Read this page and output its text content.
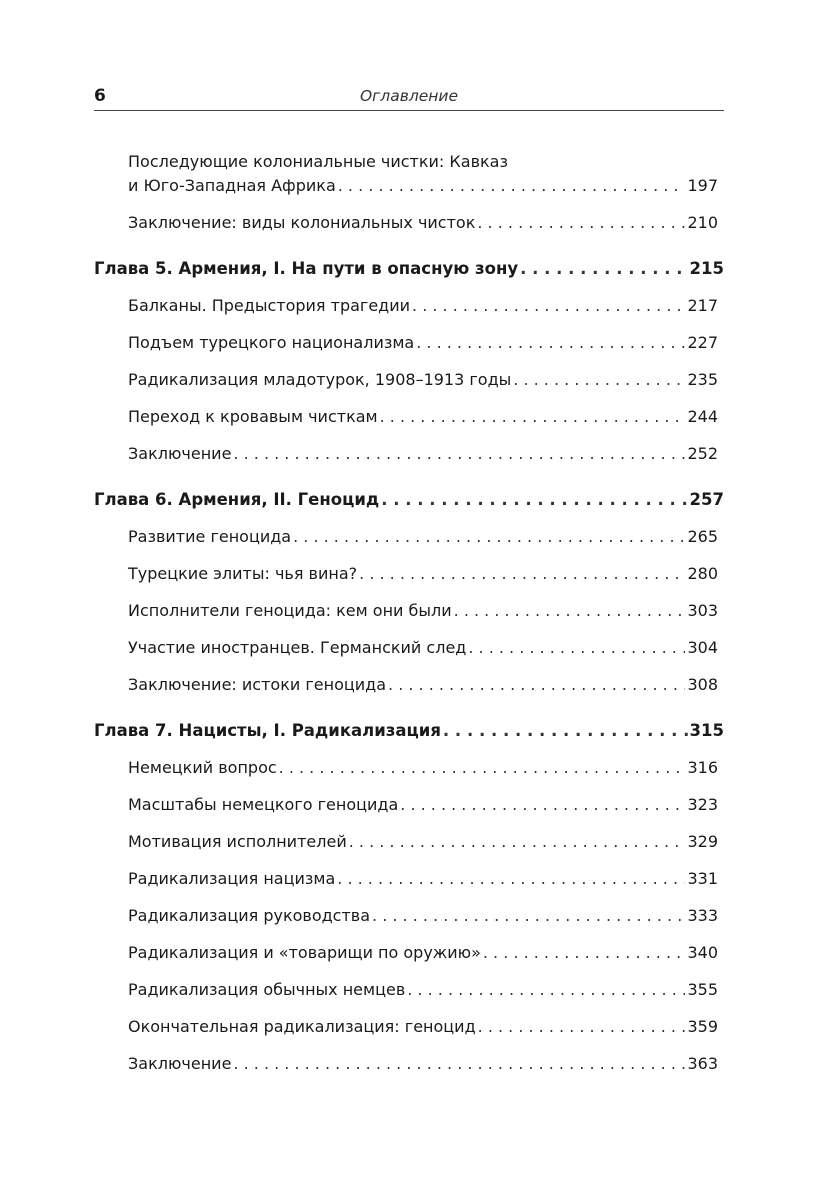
6	Оглавление
Последующие колониальные чистки: Кавказ
и Юго-Западная Африка . . .	197
Заключение: виды колониальных чисток . . .	210
Глава 5. Армения, I. На пути в опасную зону . . .	215
Балканы. Предыстория трагедии . . .	217
Подъем турецкого национализма . . .	227
Радикализация младотурок, 1908–1913 годы . . .	235
Переход к кровавым чисткам . . .	244
Заключение . . .	252
Глава 6. Армения, II. Геноцид . . .	257
Развитие геноцида . . .	265
Турецкие элиты: чья вина? . . .	280
Исполнители геноцида: кем они были . . .	303
Участие иностранцев. Германский след . . .	304
Заключение: истоки геноцида . . .	308
Глава 7. Нацисты, I. Радикализация . . .	315
Немецкий вопрос . . .	316
Масштабы немецкого геноцида . . .	323
Мотивация исполнителей . . .	329
Радикализация нацизма . . .	331
Радикализация руководства . . .	333
Радикализация и «товарищи по оружию» . . .	340
Радикализация обычных немцев . . .	355
Окончательная радикализация: геноцид . . .	359
Заключение . . .	363
